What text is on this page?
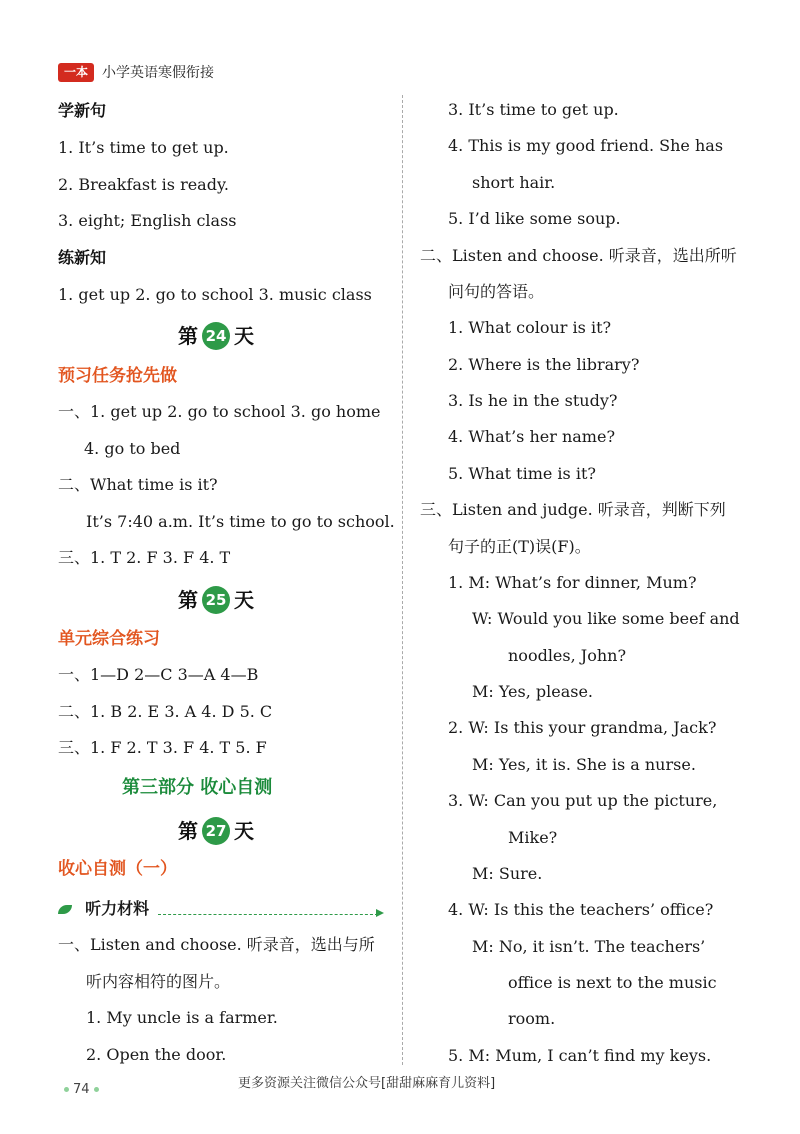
一本	小学英语寒假衔接
学新句
1. It’s time to get up.
2. Breakfast is ready.
3. eight; English class
练新知
1. get up 2. go to school 3. music class
第 24 天
预习任务抢先做
一、1. get up 2. go to school 3. go home
4. go to bed
二、What time is it?
It’s 7:40 a.m. It’s time to go to school.
三、1. T 2. F 3. F 4. T
第 25 天
单元综合练习
一、1—D 2—C 3—A 4—B
二、1. B 2. E 3. A 4. D 5. C
三、1. F 2. T 3. F 4. T 5. F
第三部分 收心自测
第 27 天
收心自测（一）
听力材料
一、Listen and choose. 听录音，选出与所
听内容相符的图片。
1. My uncle is a farmer.
2. Open the door.
3. It’s time to get up.
4. This is my good friend. She has
short hair.
5. I’d like some soup.
二、Listen and choose. 听录音，选出所听
问句的答语。
1. What colour is it?
2. Where is the library?
3. Is he in the study?
4. What’s her name?
5. What time is it?
三、Listen and judge. 听录音，判断下列
句子的正(T)误(F)。
1. M: What’s for dinner, Mum?
W: Would you like some beef and
noodles, John?
M: Yes, please.
2. W: Is this your grandma, Jack?
M: Yes, it is. She is a nurse.
3. W: Can you put up the picture,
Mike?
M: Sure.
4. W: Is this the teachers’ office?
M: No, it isn’t. The teachers’
office is next to the music
room.
5. M: Mum, I can’t find my keys.
74	更多资源关注微信公众号[甜甜麻麻育儿资料]
